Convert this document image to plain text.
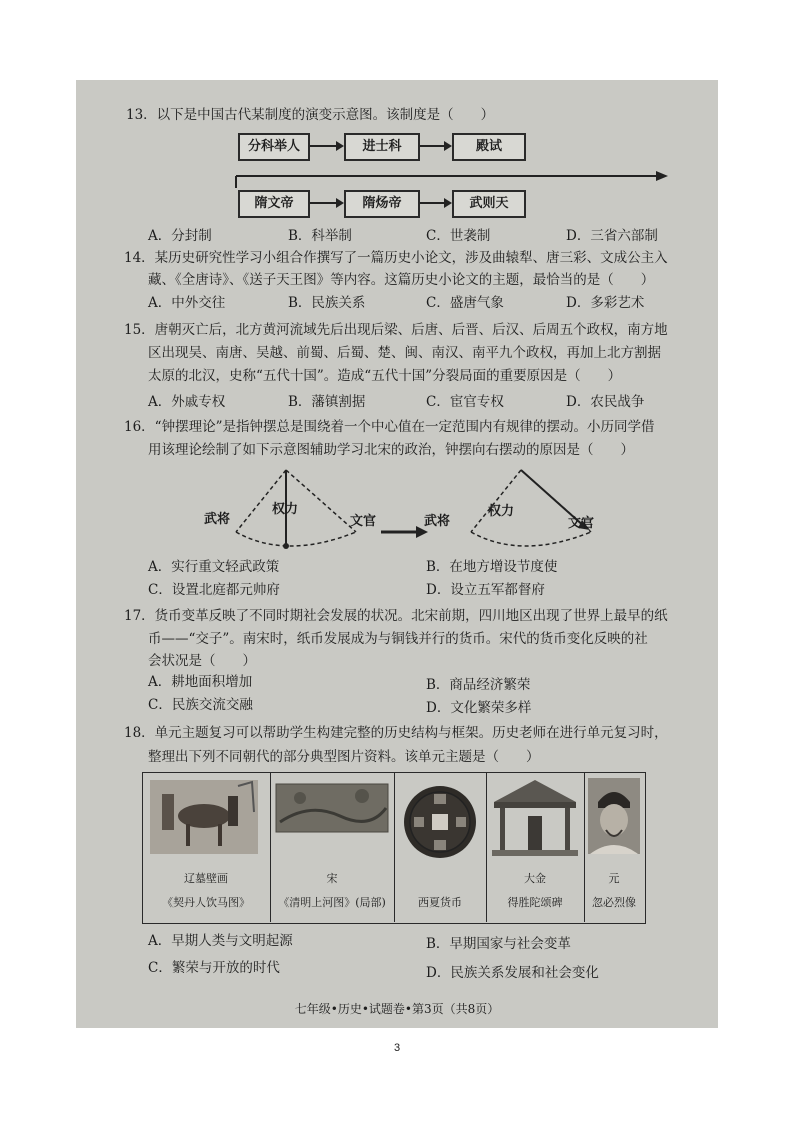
13．以下是中国古代某制度的演变示意图。该制度是（　　）
分科举人	进士科	殿试
隋文帝	隋炀帝	武则天
A．分封制	B．科举制	C．世袭制	D．三省六部制
14．某历史研究性学习小组合作撰写了一篇历史小论文，涉及曲辕犁、唐三彩、文成公主入
藏、《全唐诗》、《送子天王图》等内容。这篇历史小论文的主题，最恰当的是（　　）
A．中外交往	B．民族关系	C．盛唐气象	D．多彩艺术
15．唐朝灭亡后，北方黄河流域先后出现后梁、后唐、后晋、后汉、后周五个政权，南方地
区出现吴、南唐、吴越、前蜀、后蜀、楚、闽、南汉、南平九个政权，再加上北方割据
太原的北汉，史称“五代十国”。造成“五代十国”分裂局面的重要原因是（　　）
A．外戚专权	B．藩镇割据	C．宦官专权	D．农民战争
16．“钟摆理论”是指钟摆总是围绕着一个中心值在一定范围内有规律的摆动。小历同学借
用该理论绘制了如下示意图辅助学习北宋的政治，钟摆向右摆动的原因是（　　）
武将
权力
文官	武将
权力
文官
A．实行重文轻武政策	B．在地方增设节度使
C．设置北庭都元帅府	D．设立五军都督府
17．货币变革反映了不同时期社会发展的状况。北宋前期，四川地区出现了世界上最早的纸
币——“交子”。南宋时，纸币发展成为与铜钱并行的货币。宋代的货币变化反映的社
会状况是（　　）
A．耕地面积增加	B．商品经济繁荣
C．民族交流交融	D．文化繁荣多样
18．单元主题复习可以帮助学生构建完整的历史结构与框架。历史老师在进行单元复习时，
整理出下列不同朝代的部分典型图片资料。该单元主题是（　　）
辽墓壁画
《契丹人饮马图》
宋
《清明上河图》(局部)	西夏货币
大金
得胜陀颂碑
元
忽必烈像
A．早期人类与文明起源	B．早期国家与社会变革
C．繁荣与开放的时代	D．民族关系发展和社会变化
七年级•历史•试题卷•第3页（共8页）
3
